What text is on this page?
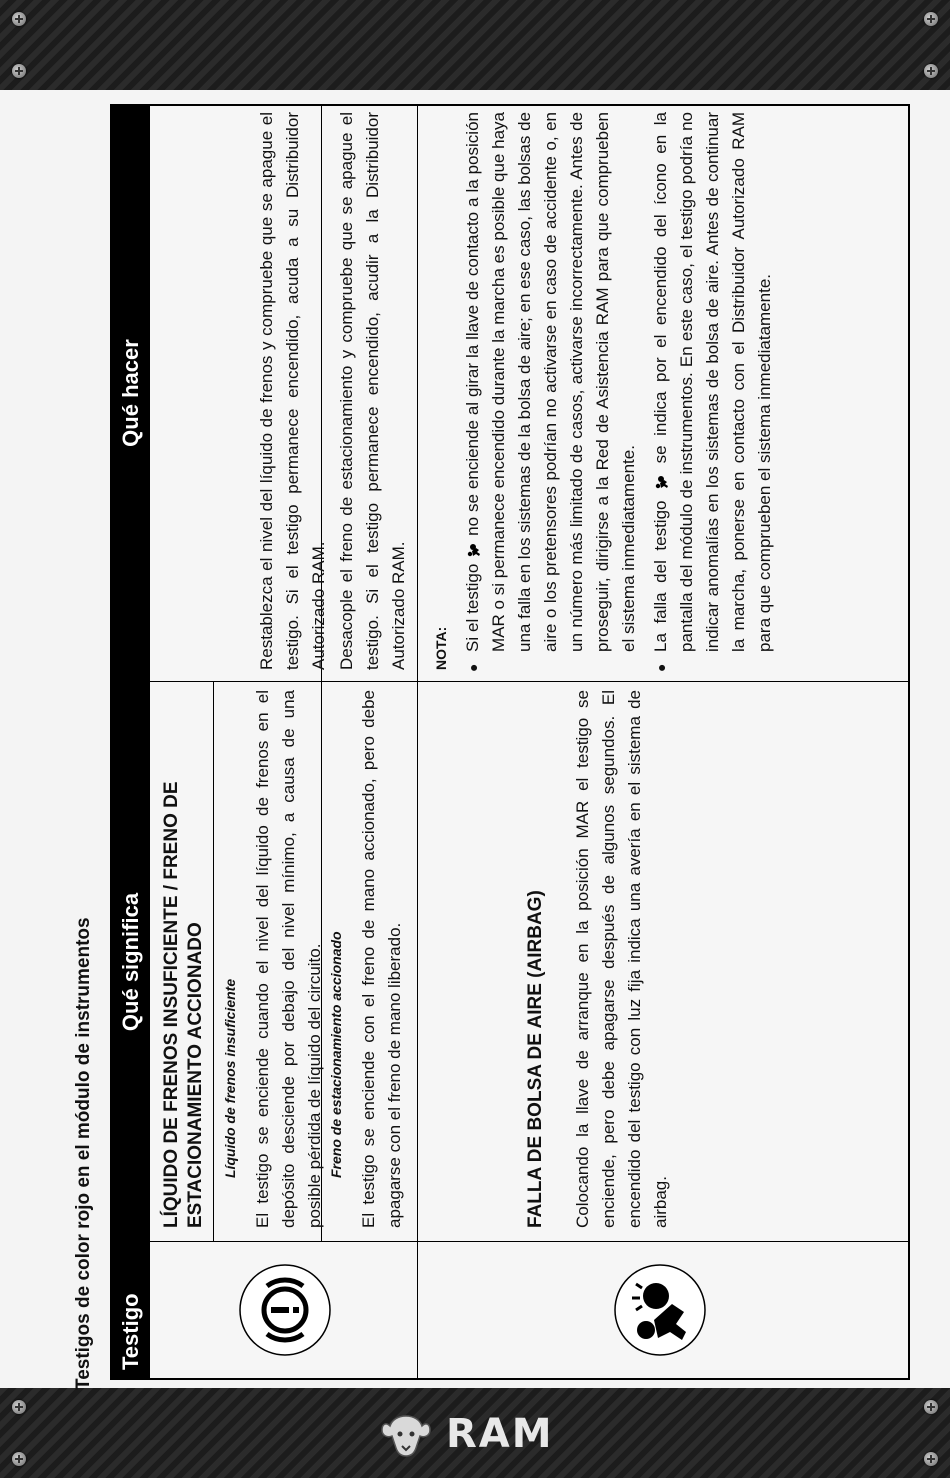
RAM
Testigos de color rojo en el módulo de instrumentos	Testigo
Qué significa
Qué hacer
LÍQUIDO DE FRENOS INSUFICIENTE / FRENO DE ESTACIONAMIENTO ACCIONADO Líquido de frenos insuficiente El testigo se enciende cuando el nivel del líquido de frenos en el depósito desciende por debajo del nivel mínimo, a causa de una posible pérdida de líquido del circuito.
Restablezca el nivel del líquido de frenos y compruebe que se apague el testigo. Si el testigo permanece encendido, acuda a su Distribuidor Autorizado RAM.
Freno de estacionamiento accionado El testigo se enciende con el freno de mano accionado, pero debe apagarse con el freno de mano liberado.
Desacople el freno de estacionamiento y compruebe que se apague el testigo. Si el testigo permanece encendido, acudir a la Distribuidor Autorizado RAM.
FALLA DE BOLSA DE AIRE (AIRBAG) Colocando la llave de arranque en la posición MAR el testigo se enciende, pero debe apagarse después de algunos segundos. El encendido del testigo con luz fija indica una avería en el sistema de airbag.
NOTA: ● Si el testigo  no se enciende al girar la llave de contacto a la posición MAR o si permanece encendido durante la marcha es posible que haya una falla en los sistemas de la bolsa de aire; en ese caso, las bolsas de aire o los pretensores podrían no activarse en caso de accidente o, en un número más limitado de casos, activarse incorrectamente. Antes de proseguir, dirigirse a la Red de Asistencia RAM para que comprueben el sistema inmediatamente. ● La falla del testigo  se indica por el encendido del ícono en la pantalla del módulo de instrumentos. En este caso, el testigo podría no indicar anomalías en los sistemas de bolsa de aire. Antes de continuar la marcha, ponerse en contacto con el Distribuidor Autorizado RAM para que comprueben el sistema inmediatamente.
